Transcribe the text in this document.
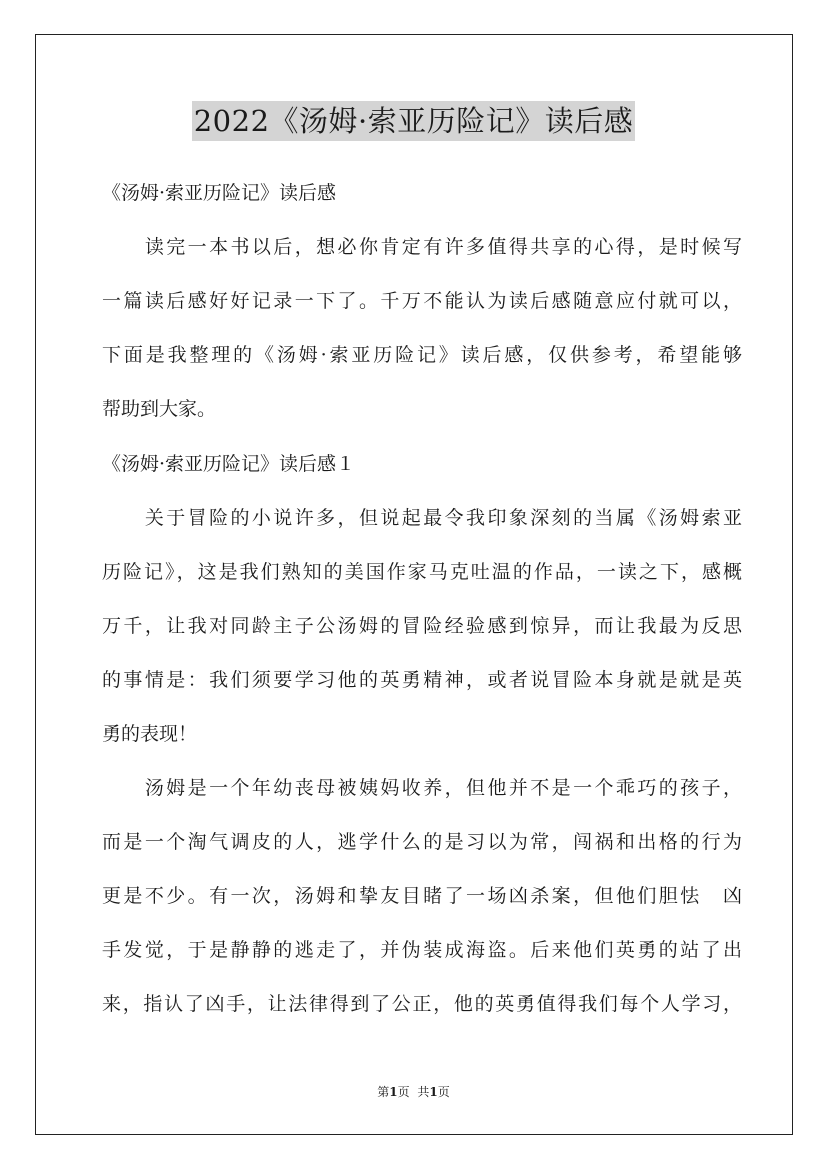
2022《汤姆·索亚历险记》读后感
《汤姆·索亚历险记》读后感
　　读完一本书以后，想必你肯定有许多值得共享的心得，是时候写
一篇读后感好好记录一下了。千万不能认为读后感随意应付就可以，
下面是我整理的《汤姆·索亚历险记》读后感，仅供参考，希望能够
帮助到大家。
《汤姆·索亚历险记》读后感１
　　关于冒险的小说许多，但说起最令我印象深刻的当属《汤姆索亚
历险记》，这是我们熟知的美国作家马克吐温的作品，一读之下，感概
万千，让我对同龄主子公汤姆的冒险经验感到惊异，而让我最为反思
的事情是：我们须要学习他的英勇精神，或者说冒险本身就是就是英
勇的表现！
　　汤姆是一个年幼丧母被姨妈收养，但他并不是一个乖巧的孩子，
而是一个淘气调皮的人，逃学什么的是习以为常，闯祸和出格的行为
更是不少。有一次，汤姆和挚友目睹了一场凶杀案，但他们胆怯　凶
手发觉，于是静静的逃走了，并伪装成海盗。后来他们英勇的站了出
来，指认了凶手，让法律得到了公正，他的英勇值得我们每个人学习，
第1页 共1页
